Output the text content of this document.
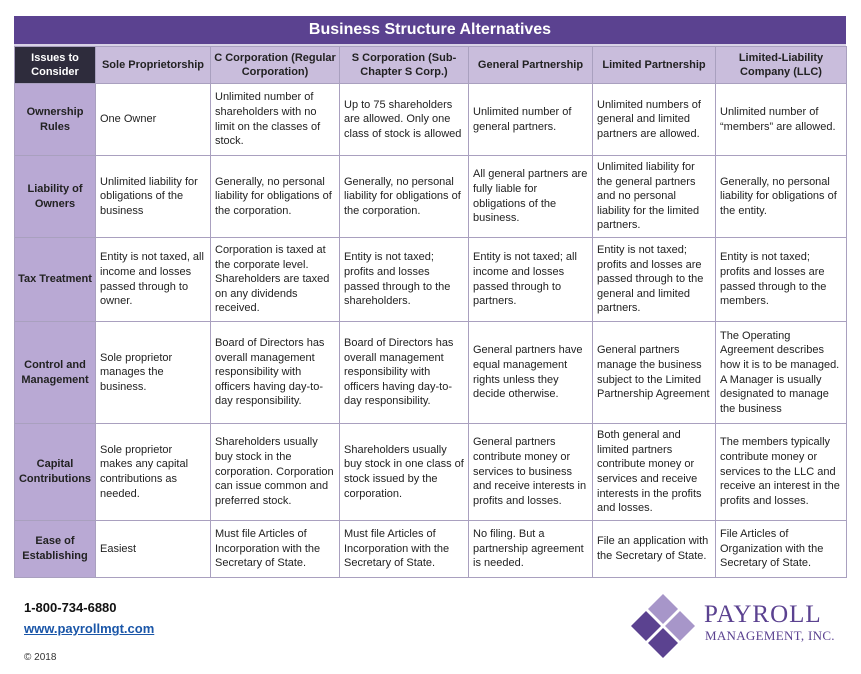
Business Structure Alternatives
Issues to Consider	Sole Proprietorship	C Corporation (Regular Corporation)	S Corporation (Sub-Chapter S Corp.)	General Partnership	Limited Partnership	Limited-Liability Company (LLC)
Ownership Rules	One Owner	Unlimited number of shareholders with no limit on the classes of stock.	Up to 75 shareholders are allowed. Only one class of stock is allowed	Unlimited number of general partners.	Unlimited numbers of general and limited partners are allowed.	Unlimited number of “members” are allowed.
Liability of Owners	Unlimited liability for obligations of the business	Generally, no personal liability for obligations of the corporation.	Generally, no personal liability for obligations of the corporation.	All general partners are fully liable for obligations of the business.	Unlimited liability for the general partners and no personal liability for the limited partners.	Generally, no personal liability for obligations of the entity.
Tax Treatment	Entity is not taxed, all income and losses passed through to owner.	Corporation is taxed at the corporate level. Shareholders are taxed on any dividends received.	Entity is not taxed; profits and losses passed through to the shareholders.	Entity is not taxed; all income and losses passed through to partners.	Entity is not taxed; profits and losses are passed through to the general and limited partners.	Entity is not taxed; profits and losses are passed through to the members.
Control and Management	Sole proprietor manages the business.	Board of Directors has overall management responsibility with officers having day-to-day responsibility.	Board of Directors has overall management responsibility with officers having day-to-day responsibility.	General partners have equal management rights unless they decide otherwise.	General partners manage the business subject to the Limited Partnership Agreement	The Operating Agreement describes how it is to be managed. A Manager is usually designated to manage the business
Capital Contributions	Sole proprietor makes any capital contributions as needed.	Shareholders usually buy stock in the corporation. Corporation can issue common and preferred stock.	Shareholders usually buy stock in one class of stock issued by the corporation.	General partners contribute money or services to business and receive interests in profits and losses.	Both general and limited partners contribute money or services and receive interests in the profits and losses.	The members typically contribute money or services to the LLC and receive an interest in the profits and losses.
Ease of Establishing	Easiest	Must file Articles of Incorporation with the Secretary of State.	Must file Articles of Incorporation with the Secretary of State.	No filing. But a partnership agreement is needed.	File an application with the Secretary of State.	File Articles of Organization with the Secretary of State.
1-800-734-6880
www.payrollmgt.com
© 2018
PAYROLL
MANAGEMENT, INC.
